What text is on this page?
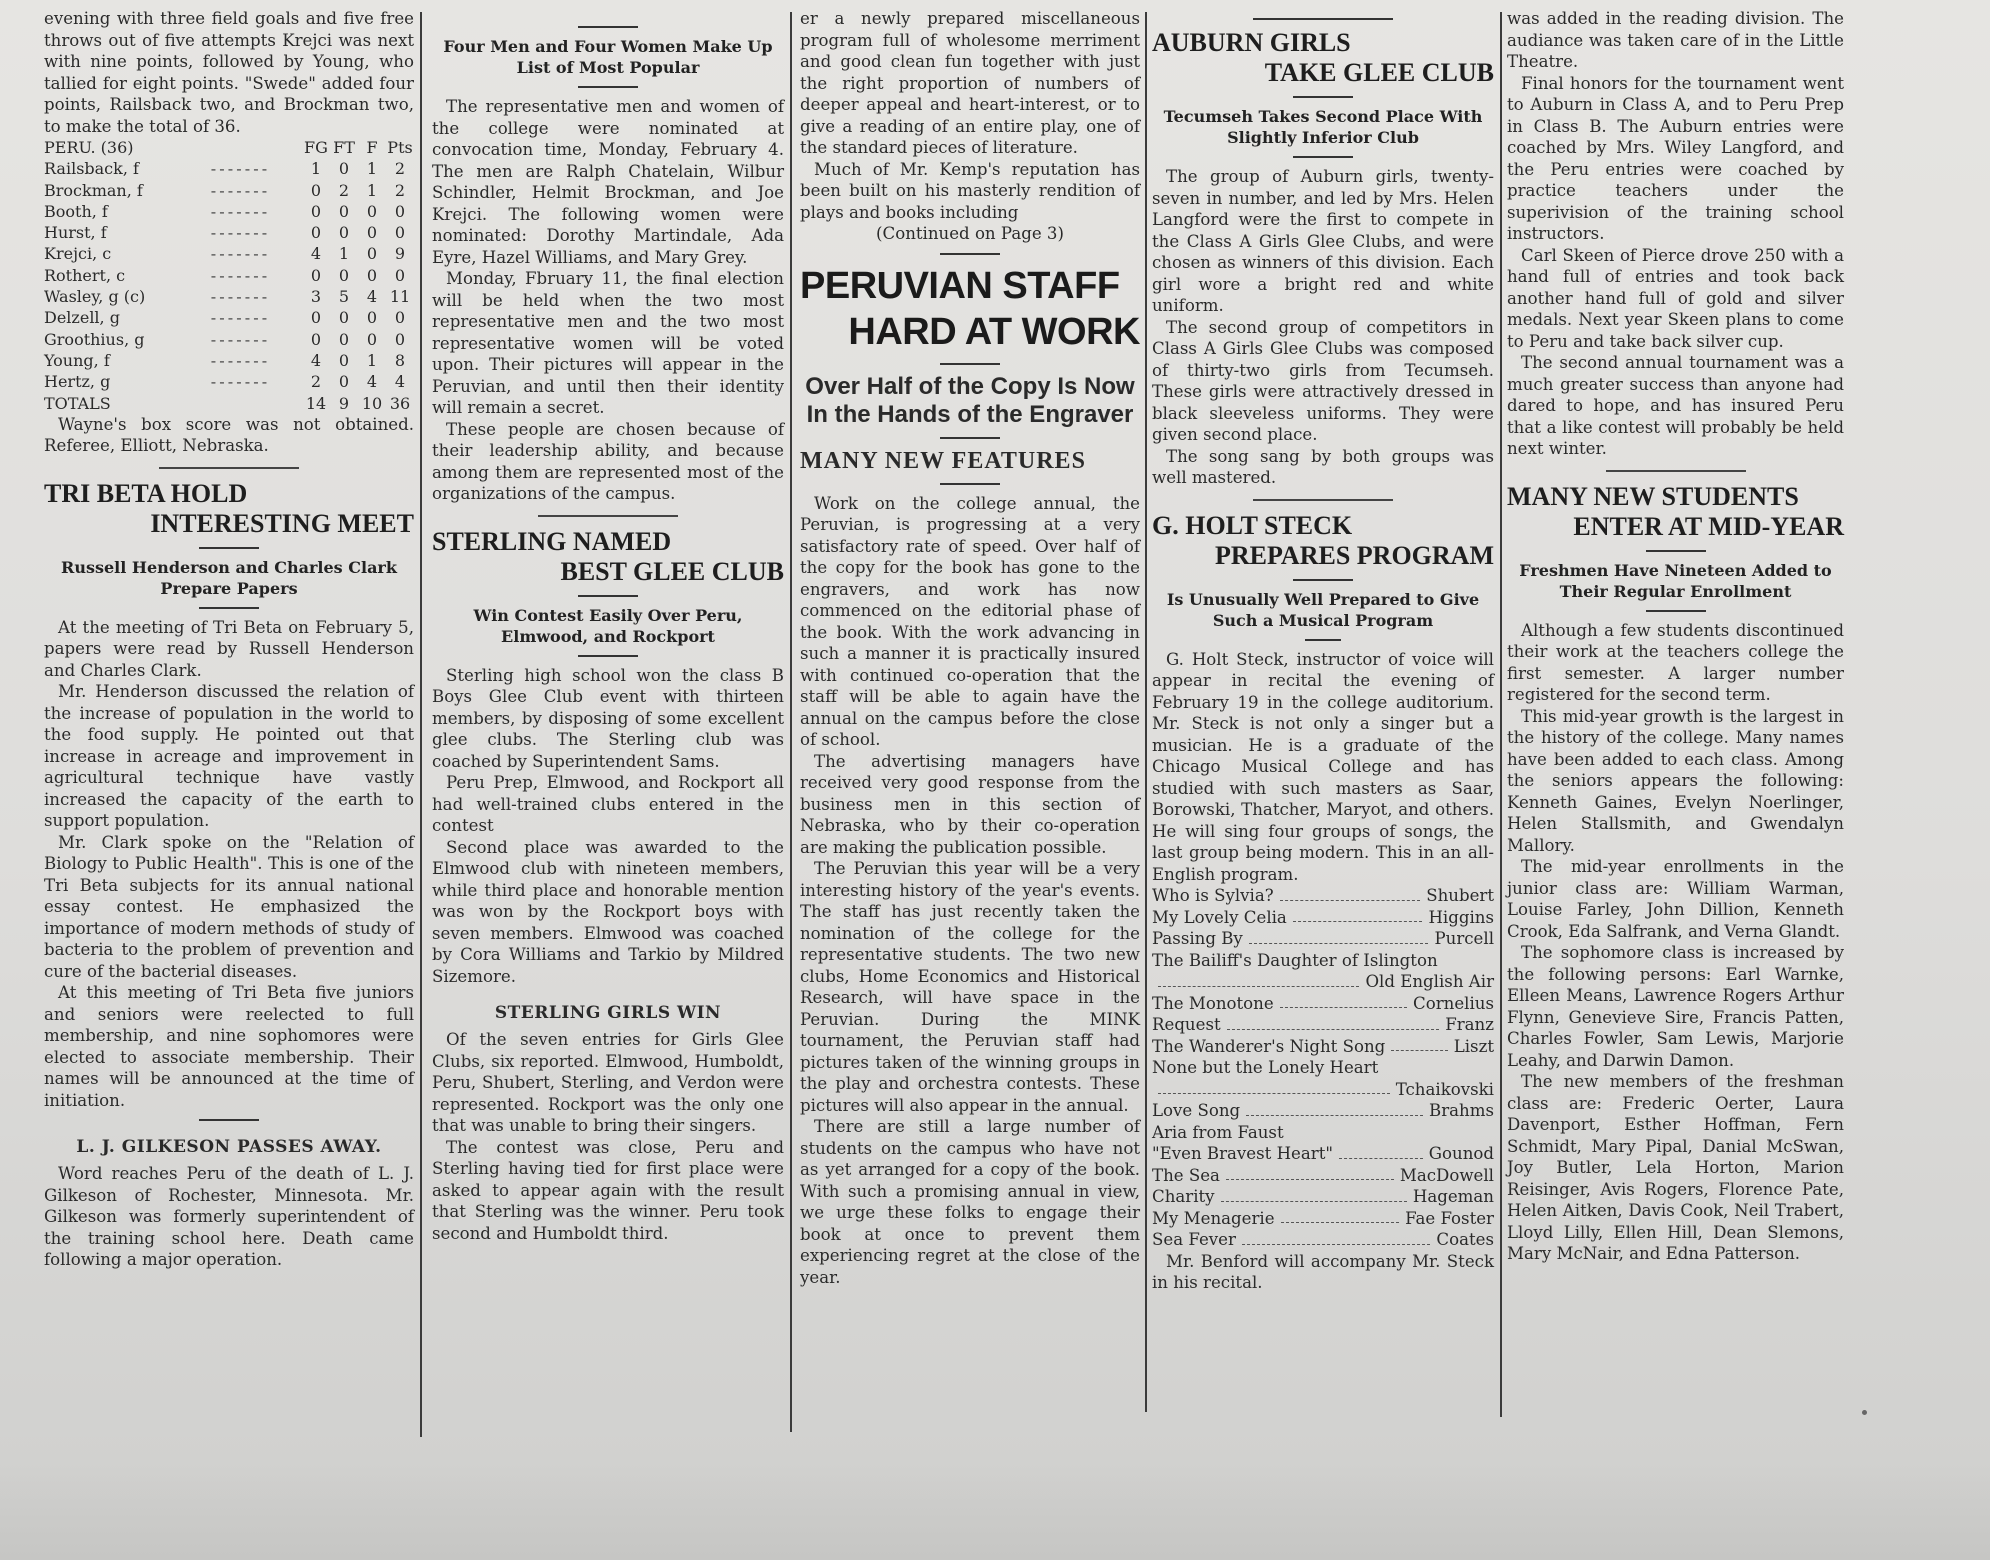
evening with three field goals and five free throws out of five attempts Krejci was next with nine points, followed by Young, who tallied for eight points. "Swede" added four points, Railsback two, and Brockman two, to make the total of 36.

PERU. (36)		FG	FT	F	Pts
Railsback, f	- - - - - - -	1	0	1	2
Brockman, f	- - - - - - -	0	2	1	2
Booth, f	- - - - - - -	0	0	0	0
Hurst, f	- - - - - - -	0	0	0	0
Krejci, c	- - - - - - -	4	1	0	9
Rothert, c	- - - - - - -	0	0	0	0
Wasley, g (c)	- - - - - - -	3	5	4	11
Delzell, g	- - - - - - -	0	0	0	0
Groothius, g	- - - - - - -	0	0	0	0
Young, f	- - - - - - -	4	0	1	8
Hertz, g	- - - - - - -	2	0	4	4
TOTALS		14	9	10	36

Wayne's box score was not obtained. Referee, Elliott, Nebraska.

TRI BETA HOLD
INTERESTING MEET
Russell Henderson and Charles Clark Prepare Papers

At the meeting of Tri Beta on February 5, papers were read by Russell Henderson and Charles Clark.

Mr. Henderson discussed the relation of the increase of population in the world to the food supply. He pointed out that increase in acreage and improvement in agricultural technique have vastly increased the capacity of the earth to support population.

Mr. Clark spoke on the "Relation of Biology to Public Health". This is one of the Tri Beta subjects for its annual national essay contest. He emphasized the importance of modern methods of study of bacteria to the problem of prevention and cure of the bacterial diseases.

At this meeting of Tri Beta five juniors and seniors were reelected to full membership, and nine sophomores were elected to associate membership. Their names will be announced at the time of initiation.

L. J. GILKESON PASSES AWAY.

Word reaches Peru of the death of L. J. Gilkeson of Rochester, Minnesota. Mr. Gilkeson was formerly superintendent of the training school here. Death came following a major operation.

Four Men and Four Women Make Up List of Most Popular

The representative men and women of the college were nominated at convocation time, Monday, February 4. The men are Ralph Chatelain, Wilbur Schindler, Helmit Brockman, and Joe Krejci. The following women were nominated: Dorothy Martindale, Ada Eyre, Hazel Williams, and Mary Grey.

Monday, Fbruary 11, the final election will be held when the two most representative men and the two most representative women will be voted upon. Their pictures will appear in the Peruvian, and until then their identity will remain a secret.

These people are chosen because of their leadership ability, and because among them are represented most of the organizations of the campus.

STERLING NAMED
BEST GLEE CLUB
Win Contest Easily Over Peru, Elmwood, and Rockport

Sterling high school won the class B Boys Glee Club event with thirteen members, by disposing of some excellent glee clubs. The Sterling club was coached by Superintendent Sams.

Peru Prep, Elmwood, and Rockport all had well-trained clubs entered in the contest

Second place was awarded to the Elmwood club with nineteen members, while third place and honorable mention was won by the Rockport boys with seven members. Elmwood was coached by Cora Williams and Tarkio by Mildred Sizemore.

STERLING GIRLS WIN

Of the seven entries for Girls Glee Clubs, six reported. Elmwood, Humboldt, Peru, Shubert, Sterling, and Verdon were represented. Rockport was the only one that was unable to bring their singers.

The contest was close, Peru and Sterling having tied for first place were asked to appear again with the result that Sterling was the winner. Peru took second and Humboldt third.

er a newly prepared miscellaneous program full of wholesome merriment and good clean fun together with just the right proportion of numbers of deeper appeal and heart-interest, or to give a reading of an entire play, one of the standard pieces of literature.

Much of Mr. Kemp's reputation has been built on his masterly rendition of plays and books including

(Continued on Page 3)

PERUVIAN STAFF
HARD AT WORK
Over Half of the Copy Is Now In the Hands of the Engraver
MANY NEW FEATURES

Work on the college annual, the Peruvian, is progressing at a very satisfactory rate of speed. Over half of the copy for the book has gone to the engravers, and work has now commenced on the editorial phase of the book. With the work advancing in such a manner it is practically insured with continued co-operation that the staff will be able to again have the annual on the campus before the close of school.

The advertising managers have received very good response from the business men in this section of Nebraska, who by their co-operation are making the publication possible.

The Peruvian this year will be a very interesting history of the year's events. The staff has just recently taken the nomination of the college for the representative students. The two new clubs, Home Economics and Historical Research, will have space in the Peruvian. During the MINK tournament, the Peruvian staff had pictures taken of the winning groups in the play and orchestra contests. These pictures will also appear in the annual.

There are still a large number of students on the campus who have not as yet arranged for a copy of the book. With such a promising annual in view, we urge these folks to engage their book at once to prevent them experiencing regret at the close of the year.

AUBURN GIRLS
TAKE GLEE CLUB
Tecumseh Takes Second Place With Slightly Inferior Club

The group of Auburn girls, twenty-seven in number, and led by Mrs. Helen Langford were the first to compete in the Class A Girls Glee Clubs, and were chosen as winners of this division. Each girl wore a bright red and white uniform.

The second group of competitors in Class A Girls Glee Clubs was composed of thirty-two girls from Tecumseh. These girls were attractively dressed in black sleeveless uniforms. They were given second place.

The song sang by both groups was well mastered.

G. HOLT STECK
PREPARES PROGRAM
Is Unusually Well Prepared to Give Such a Musical Program

G. Holt Steck, instructor of voice will appear in recital the evening of February 19 in the college auditorium. Mr. Steck is not only a singer but a musician. He is a graduate of the Chicago Musical College and has studied with such masters as Saar, Borowski, Thatcher, Maryot, and others. He will sing four groups of songs, the last group being modern. This in an all-English program.

Who is Sylvia?	Shubert
My Lovely Celia	Higgins
Passing By	Purcell
The Bailiff's Daughter of Islington
Old English Air
The Monotone	Cornelius
Request	Franz
The Wanderer's Night Song	Liszt
None but the Lonely Heart
Tchaikovski
Love Song	Brahms
Aria from Faust
"Even Bravest Heart"	Gounod
The Sea	MacDowell
Charity	Hageman
My Menagerie	Fae Foster
Sea Fever	Coates

Mr. Benford will accompany Mr. Steck in his recital.

was added in the reading division. The audiance was taken care of in the Little Theatre.

Final honors for the tournament went to Auburn in Class A, and to Peru Prep in Class B. The Auburn entries were coached by Mrs. Wiley Langford, and the Peru entries were coached by practice teachers under the superivision of the training school instructors.

Carl Skeen of Pierce drove 250 with a hand full of entries and took back another hand full of gold and silver medals. Next year Skeen plans to come to Peru and take back silver cup.

The second annual tournament was a much greater success than anyone had dared to hope, and has insured Peru that a like contest will probably be held next winter.

MANY NEW STUDENTS
ENTER AT MID-YEAR
Freshmen Have Nineteen Added to Their Regular Enrollment

Although a few students discontinued their work at the teachers college the first semester. A larger number registered for the second term.

This mid-year growth is the largest in the history of the college. Many names have been added to each class. Among the seniors appears the following: Kenneth Gaines, Evelyn Noerlinger, Helen Stallsmith, and Gwendalyn Mallory.

The mid-year enrollments in the junior class are: William Warman, Louise Farley, John Dillion, Kenneth Crook, Eda Salfrank, and Verna Glandt.

The sophomore class is increased by the following persons: Earl Warnke, Elleen Means, Lawrence Rogers Arthur Flynn, Genevieve Sire, Francis Patten, Charles Fowler, Sam Lewis, Marjorie Leahy, and Darwin Damon.

The new members of the freshman class are: Frederic Oerter, Laura Davenport, Esther Hoffman, Fern Schmidt, Mary Pipal, Danial McSwan, Joy Butler, Lela Horton, Marion Reisinger, Avis Rogers, Florence Pate, Helen Aitken, Davis Cook, Neil Trabert, Lloyd Lilly, Ellen Hill, Dean Slemons, Mary McNair, and Edna Patterson.
